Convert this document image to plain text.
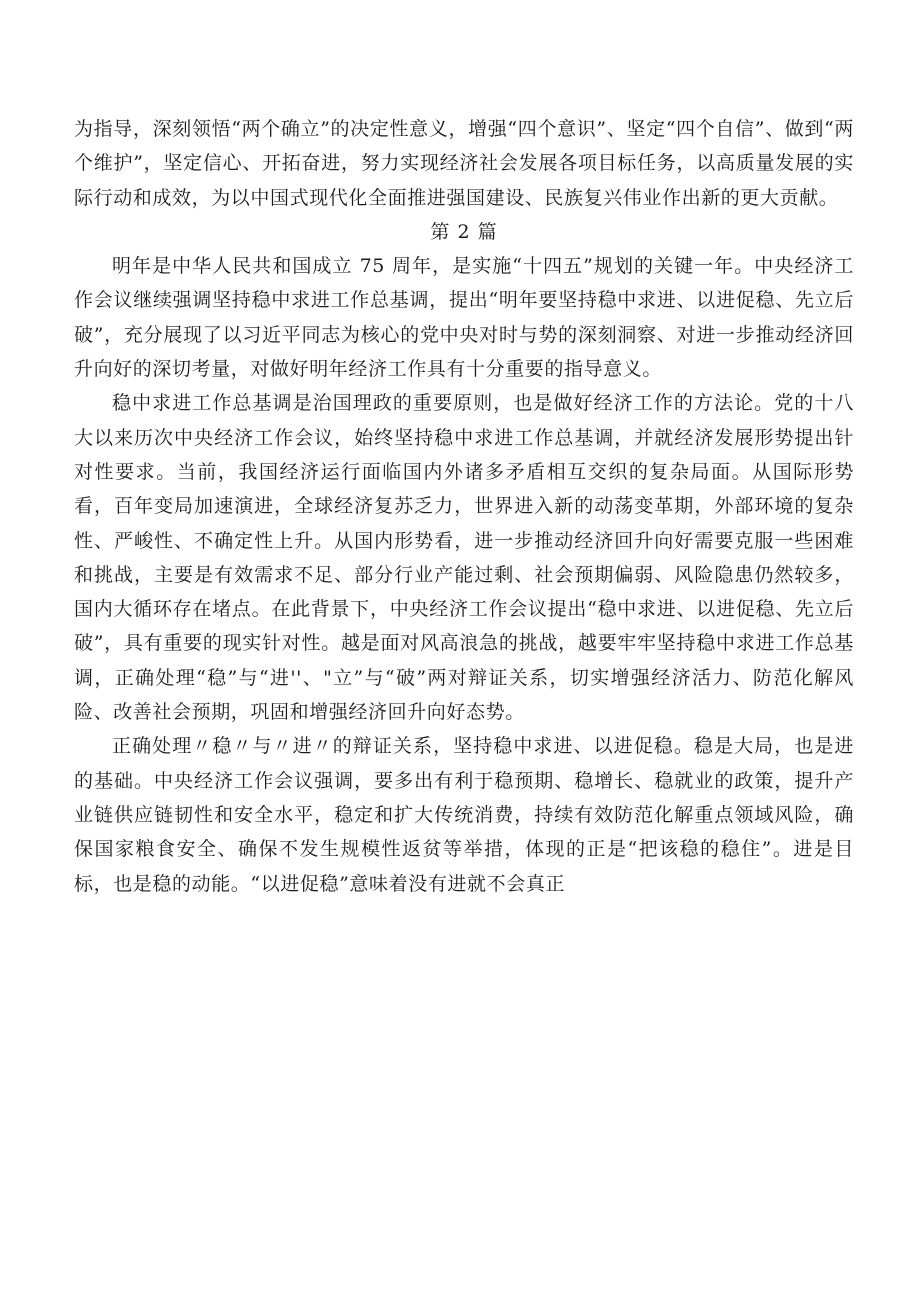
为指导，深刻领悟“两个确立”的决定性意义，增强“四个意识”、坚定“四个自信”、做到“两个维护”，坚定信心、开拓奋进，努力实现经济社会发展各项目标任务，以高质量发展的实际行动和成效，为以中国式现代化全面推进强国建设、民族复兴伟业作出新的更大贡献。

第 2 篇

明年是中华人民共和国成立 75 周年，是实施“十四五”规划的关键一年。中央经济工作会议继续强调坚持稳中求进工作总基调，提出“明年要坚持稳中求进、以进促稳、先立后破”，充分展现了以习近平同志为核心的党中央对时与势的深刻洞察、对进一步推动经济回升向好的深切考量，对做好明年经济工作具有十分重要的指导意义。

稳中求进工作总基调是治国理政的重要原则，也是做好经济工作的方法论。党的十八大以来历次中央经济工作会议，始终坚持稳中求进工作总基调，并就经济发展形势提出针对性要求。当前，我国经济运行面临国内外诸多矛盾相互交织的复杂局面。从国际形势看，百年变局加速演进，全球经济复苏乏力，世界进入新的动荡变革期，外部环境的复杂性、严峻性、不确定性上升。从国内形势看，进一步推动经济回升向好需要克服一些困难和挑战，主要是有效需求不足、部分行业产能过剩、社会预期偏弱、风险隐患仍然较多，国内大循环存在堵点。在此背景下，中央经济工作会议提出“稳中求进、以进促稳、先立后破”，具有重要的现实针对性。越是面对风高浪急的挑战，越要牢牢坚持稳中求进工作总基调，正确处理“稳”与“进''、"立”与“破”两对辩证关系，切实增强经济活力、防范化解风险、改善社会预期，巩固和增强经济回升向好态势。

正确处理〃稳〃与〃进〃的辩证关系，坚持稳中求进、以进促稳。稳是大局，也是进的基础。中央经济工作会议强调，要多出有利于稳预期、稳增长、稳就业的政策，提升产业链供应链韧性和安全水平，稳定和扩大传统消费，持续有效防范化解重点领域风险，确保国家粮食安全、确保不发生规模性返贫等举措，体现的正是“把该稳的稳住”。进是目标，也是稳的动能。“以进促稳”意味着没有进就不会真正
